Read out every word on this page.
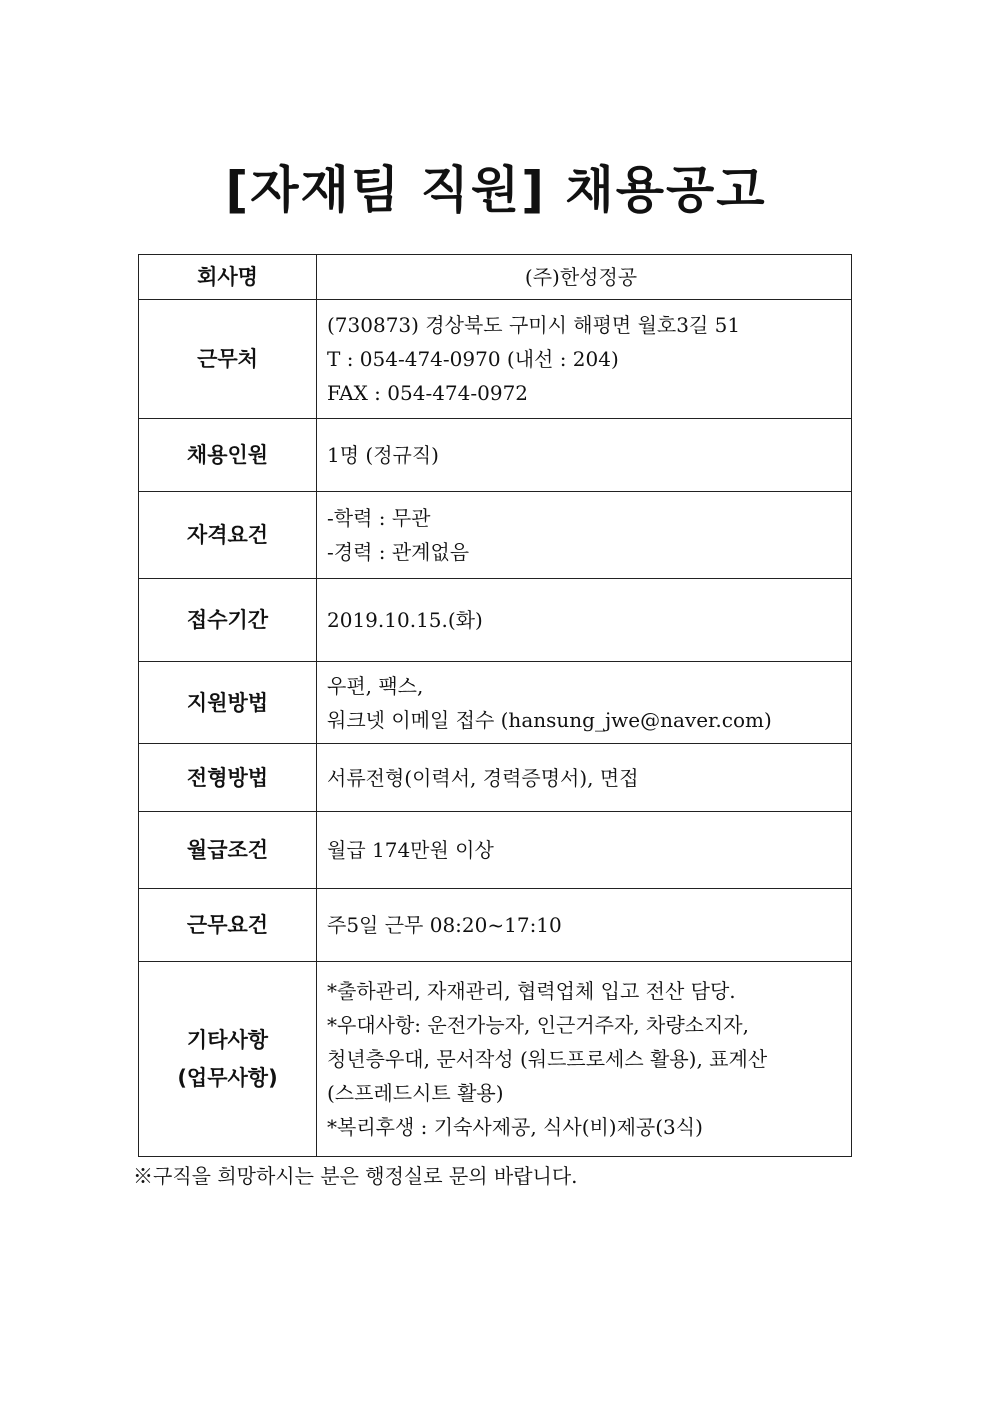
[자재팀 직원] 채용공고
회사명	(주)한성정공

근무처	(730873) 경상북도 구미시 해평면 월호3길 51
T : 054-474-0970 (내선 : 204)
FAX : 054-474-0972

채용인원	1명 (정규직)

자격요건	-학력 : 무관
-경력 : 관계없음

접수기간	2019.10.15.(화)

지원방법	우편, 팩스,
워크넷 이메일 접수 (hansung_jwe@naver.com)

전형방법	서류전형(이력서, 경력증명서), 면접

월급조건	월급 174만원 이상

근무요건	주5일 근무 08:20~17:10

기타사항
(업무사항)	*출하관리, 자재관리, 협력업체 입고 전산 담당.
*우대사항: 운전가능자, 인근거주자, 차량소지자,
청년층우대, 문서작성 (워드프로세스 활용), 표계산
(스프레드시트 활용)
*복리후생 : 기숙사제공, 식사(비)제공(3식)
※구직을 희망하시는 분은 행정실로 문의 바랍니다.
